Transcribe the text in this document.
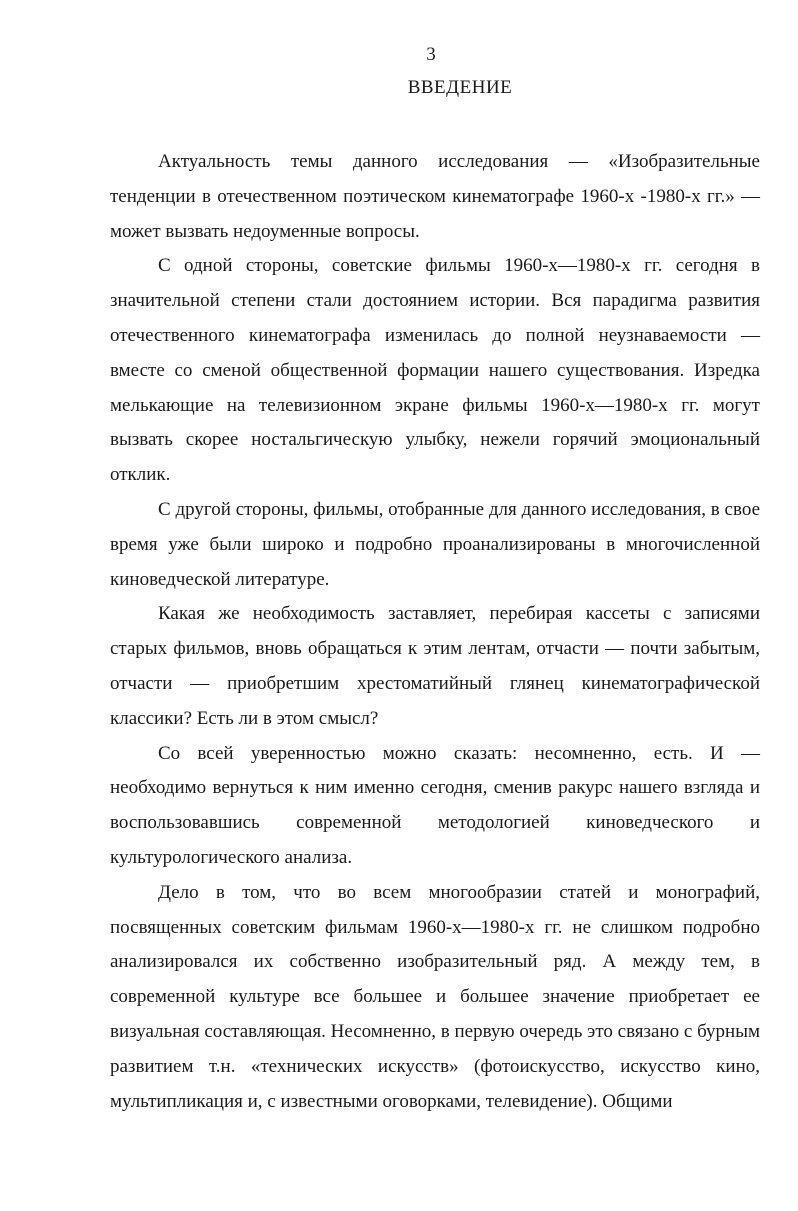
3
ВВЕДЕНИЕ

Актуальность темы данного исследования — «Изобразительные тенденции в отечественном поэтическом кинематографе 1960-х -1980-х гг.» — может вызвать недоуменные вопросы.

С одной стороны, советские фильмы 1960-х—1980-х гг. сегодня в значительной степени стали достоянием истории. Вся парадигма развития отечественного кинематографа изменилась до полной неузнаваемости — вместе со сменой общественной формации нашего существования. Изредка мелькающие на телевизионном экране фильмы 1960-х—1980-х гг. могут вызвать скорее ностальгическую улыбку, нежели горячий эмоциональный отклик.

С другой стороны, фильмы, отобранные для данного исследования, в свое время уже были широко и подробно проанализированы в многочисленной киноведческой литературе.

Какая же необходимость заставляет, перебирая кассеты с записями старых фильмов, вновь обращаться к этим лентам, отчасти — почти забытым, отчасти — приобретшим хрестоматийный глянец кинематографической классики? Есть ли в этом смысл?

Со всей уверенностью можно сказать: несомненно, есть. И — необходимо вернуться к ним именно сегодня, сменив ракурс нашего взгляда и воспользовавшись современной методологией киноведческого и культурологического анализа.

Дело в том, что во всем многообразии статей и монографий, посвященных советским фильмам 1960-х—1980-х гг. не слишком подробно анализировался их собственно изобразительный ряд. А между тем, в современной культуре все большее и большее значение приобретает ее визуальная составляющая. Несомненно, в первую очередь это связано с бурным развитием т.н. «технических искусств» (фотоискусство, искусство кино, мультипликация и, с известными оговорками, телевидение). Общими
